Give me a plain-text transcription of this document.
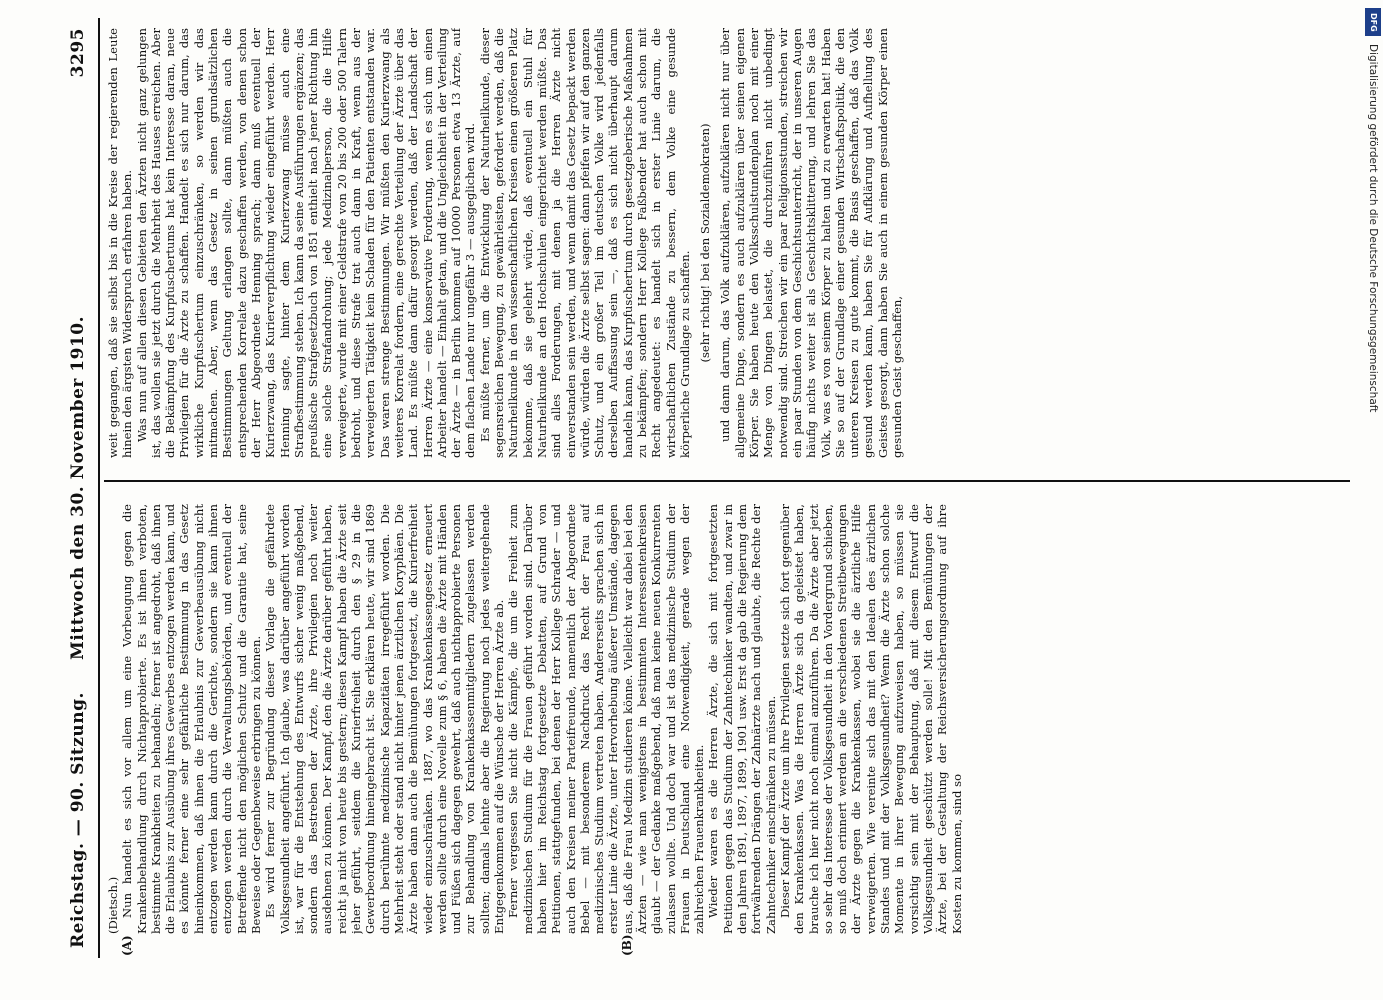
Reichstag. — 90. Sitzung.     Mittwoch den 30. November 1910.
3295
(A)	(B)

(Dietsch.) Nun handelt es sich vor allem um eine Vorbeugung gegen die Krankenbehandlung durch Nichtapprobierte. Es ist ihnen verboten, bestimmte Krankheiten zu behandeln; ferner ist angedroht, daß ihnen die Erlaubnis zur Ausübung ihres Gewerbes entzogen werden kann, und es könnte ferner eine sehr gefährliche Bestimmung in das Gesetz hineinkommen, daß ihnen die Erlaubnis zur Gewerbeausübung nicht entzogen werden kann durch die Gerichte, sondern sie kann ihnen entzogen werden durch die Verwaltungsbehörden, und eventuell der Betreffende nicht den möglichen Schutz und die Garantie hat, seine Beweise oder Gegenbeweise erbringen zu können. Es wird ferner zur Begründung dieser Vorlage die gefährdete Volksgesundheit angeführt. Ich glaube, was darüber angeführt worden ist, war für die Entstehung des Entwurfs sicher wenig maßgebend, sondern das Bestreben der Ärzte, ihre Privilegien noch weiter ausdehnen zu können. Der Kampf, den die Ärzte darüber geführt haben, reicht ja nicht von heute bis gestern; diesen Kampf haben die Ärzte seit jeher geführt, seitdem die Kurierfreiheit durch den § 29 in die Gewerbeordnung hineingebracht ist. Sie erklären heute, wir sind 1869 durch berühmte medizinische Kapazitäten irregeführt worden. Die Mehrheit steht oder stand nicht hinter jenen ärztlichen Koryphäen. Die Ärzte haben dann auch die Bemühungen fortgesetzt, die Kurierfreiheit wieder einzuschränken. 1887, wo das Krankenkassengesetz erneuert werden sollte durch eine Novelle zum § 6, haben die Ärzte mit Händen und Füßen sich dagegen gewehrt, daß auch nichtapprobierte Personen zur Behandlung von Krankenkassenmitgliedern zugelassen werden sollten; damals lehnte aber die Regierung noch jedes weitergehende Entgegenkommen auf die Wünsche der Herren Ärzte ab. Ferner vergessen Sie nicht die Kämpfe, die um die Freiheit zum medizinischen Studium für die Frauen geführt worden sind. Darüber haben hier im Reichstag fortgesetzte Debatten, auf Grund von Petitionen, stattgefunden, bei denen der Herr Kollege Schrader — und auch den Kreisen meiner Parteifreunde, namentlich der Abgeordnete Bebel — mit besonderem Nachdruck das Recht der Frau auf medizinisches Studium vertreten haben. Andererseits sprachen sich in erster Linie die Ärzte, unter Hervorhebung äußerer Umstände, dagegen aus, daß die Frau Medizin studieren könne. Vielleicht war dabei bei den Ärzten — wie man wenigstens in bestimmten Interessentenkreisen glaubt — der Gedanke maßgebend, daß man keine neuen Konkurrenten zulassen wollte. Und doch war und ist das medizinische Studium der Frauen in Deutschland eine Notwendigkeit, gerade wegen der zahlreichen Frauenkrankheiten. Wieder waren es die Herren Ärzte, die sich mit fortgesetzten Petitionen gegen das Studium der Zahntechniker wandten, und zwar in den Jahren 1891, 1897, 1899, 1901 usw. Erst da gab die Regierung dem fortwährenden Drängen der Zahnärzte nach und glaubte, die Rechte der Zahntechniker einschränken zu müssen. Dieser Kampf der Ärzte um ihre Privilegien setzte sich fort gegenüber den Krankenkassen. Was die Herren Ärzte sich da geleistet haben, brauche ich hier nicht noch einmal anzuführen. Da die Ärzte aber jetzt so sehr das Interesse der Volksgesundheit in den Vordergrund schieben, so muß doch erinnert werden an die verschiedenen Streitbewegungen der Ärzte gegen die Krankenkassen, wobei sie die ärztliche Hilfe verweigerten. Wie vereinte sich das mit den Idealen des ärztlichen Standes und mit der Volksgesundheit? Wenn die Ärzte schon solche Momente in ihrer Bewegung aufzuweisen haben, so müssen sie vorsichtig sein mit der Behauptung, daß mit diesem Entwurf die Volksgesundheit geschützt werden solle! Mit den Bemühungen der Ärzte, bei der Gestaltung der Reichsversicherungsordnung auf ihre Kosten zu kommen, sind so

weit gegangen, daß sie selbst bis in die Kreise der regierenden Leute hinein den ärgsten Widerspruch erfahren haben. Was nun auf allen diesen Gebieten den Ärzten nicht ganz gelungen ist, das wollen sie jetzt durch die Mehrheit des Hauses erreichen. Aber die Bekämpfung des Kurpfuschertums hat kein Interesse daran, neue Privilegien für die Ärzte zu schaffen. Handelt es sich nur darum, das wirkliche Kurpfuschertum einzuschränken, so werden wir das mitmachen. Aber, wenn das Gesetz in seinen grundsätzlichen Bestimmungen Geltung erlangen sollte, dann müßten auch die entsprechenden Korrelate dazu geschaffen werden, von denen schon der Herr Abgeordnete Henning sprach; dann muß eventuell der Kurierzwang, das Kurierverpflichtung wieder eingeführt werden. Herr Henning sagte, hinter dem Kurierzwang müsse auch eine Strafbestimmung stehen. Ich kann da seine Ausführungen ergänzen; das preußische Strafgesetzbuch von 1851 enthielt nach jener Richtung hin eine solche Strafandrohung; jede Medizinalperson, die die Hilfe verweigerte, wurde mit einer Geldstrafe von 20 bis 200 oder 500 Talern bedroht, und diese Strafe trat auch dann in Kraft, wenn aus der verweigerten Tätigkeit kein Schaden für den Patienten entstanden war. Das waren strenge Bestimmungen. Wir müßten den Kurierzwang als weiteres Korrelat fordern, eine gerechte Verteilung der Ärzte über das Land. Es müßte dann dafür gesorgt werden, daß der Landschaft der Herren Ärzte — eine konservative Forderung, wenn es sich um einen Arbeiter handelt — Einhalt getan, und die Ungleichheit in der Verteilung der Ärzte — in Berlin kommen auf 10000 Personen etwa 13 Ärzte, auf dem flachen Lande nur ungefähr 3 — ausgeglichen wird. Es müßte ferner, um die Entwicklung der Naturheilkunde, dieser segensreichen Bewegung, zu gewährleisten, gefordert werden, daß die Naturheilkunde in den wissenschaftlichen Kreisen einen größeren Platz bekomme, daß sie gelehrt würde, daß eventuell ein Stuhl für Naturheilkunde an den Hochschulen eingerichtet werden müßte. Das sind alles Forderungen, mit denen ja die Herren Ärzte nicht einverstanden sein werden, und wenn damit das Gesetz bepackt werden würde, würden die Ärzte selbst sagen: dann pfeifen wir auf den ganzen Schutz, und ein großer Teil im deutschen Volke wird jedenfalls derselben Auffassung sein —, daß es sich nicht überhaupt darum handeln kann, das Kurpfuschertum durch gesetzgeberische Maßnahmen zu bekämpfen; sondern Herr Kollege Faßbender hat auch schon mit Recht angedeutet: es handelt sich in erster Linie darum, die wirtschaftlichen Zustände zu bessern, dem Volke eine gesunde körperliche Grundlage zu schaffen. (sehr richtig! bei den Sozialdemokraten) und dann darum, das Volk aufzuklären, aufzuklären nicht nur über allgemeine Dinge, sondern es auch aufzuklären über seinen eigenen Körper. Sie haben heute den Volksschulstundenplan noch mit einer Menge von Dingen belastet, die durchzuführen nicht unbedingt notwendig sind. Streichen wir ein paar Religionsstunden, streichen wir ein paar Stunden von dem Geschichtsunterricht, der in unseren Augen häufig nichts weiter ist als Geschichtsklitterung, und lehren Sie das Volk, was es von seinem Körper zu halten und zu erwarten hat! Haben Sie so auf der Grundlage einer gesunden Wirtschaftspolitik, die den unteren Kreisen zu gute kommt, die Basis geschaffen, daß das Volk gesund werden kann, haben Sie für Aufklärung und Aufhellung des Geistes gesorgt, dann haben Sie auch in einem gesunden Körper einen gesunden Geist geschaffen,

DFG
Digitalisierung gefördert durch die Deutsche Forschungsgemeinschaft
